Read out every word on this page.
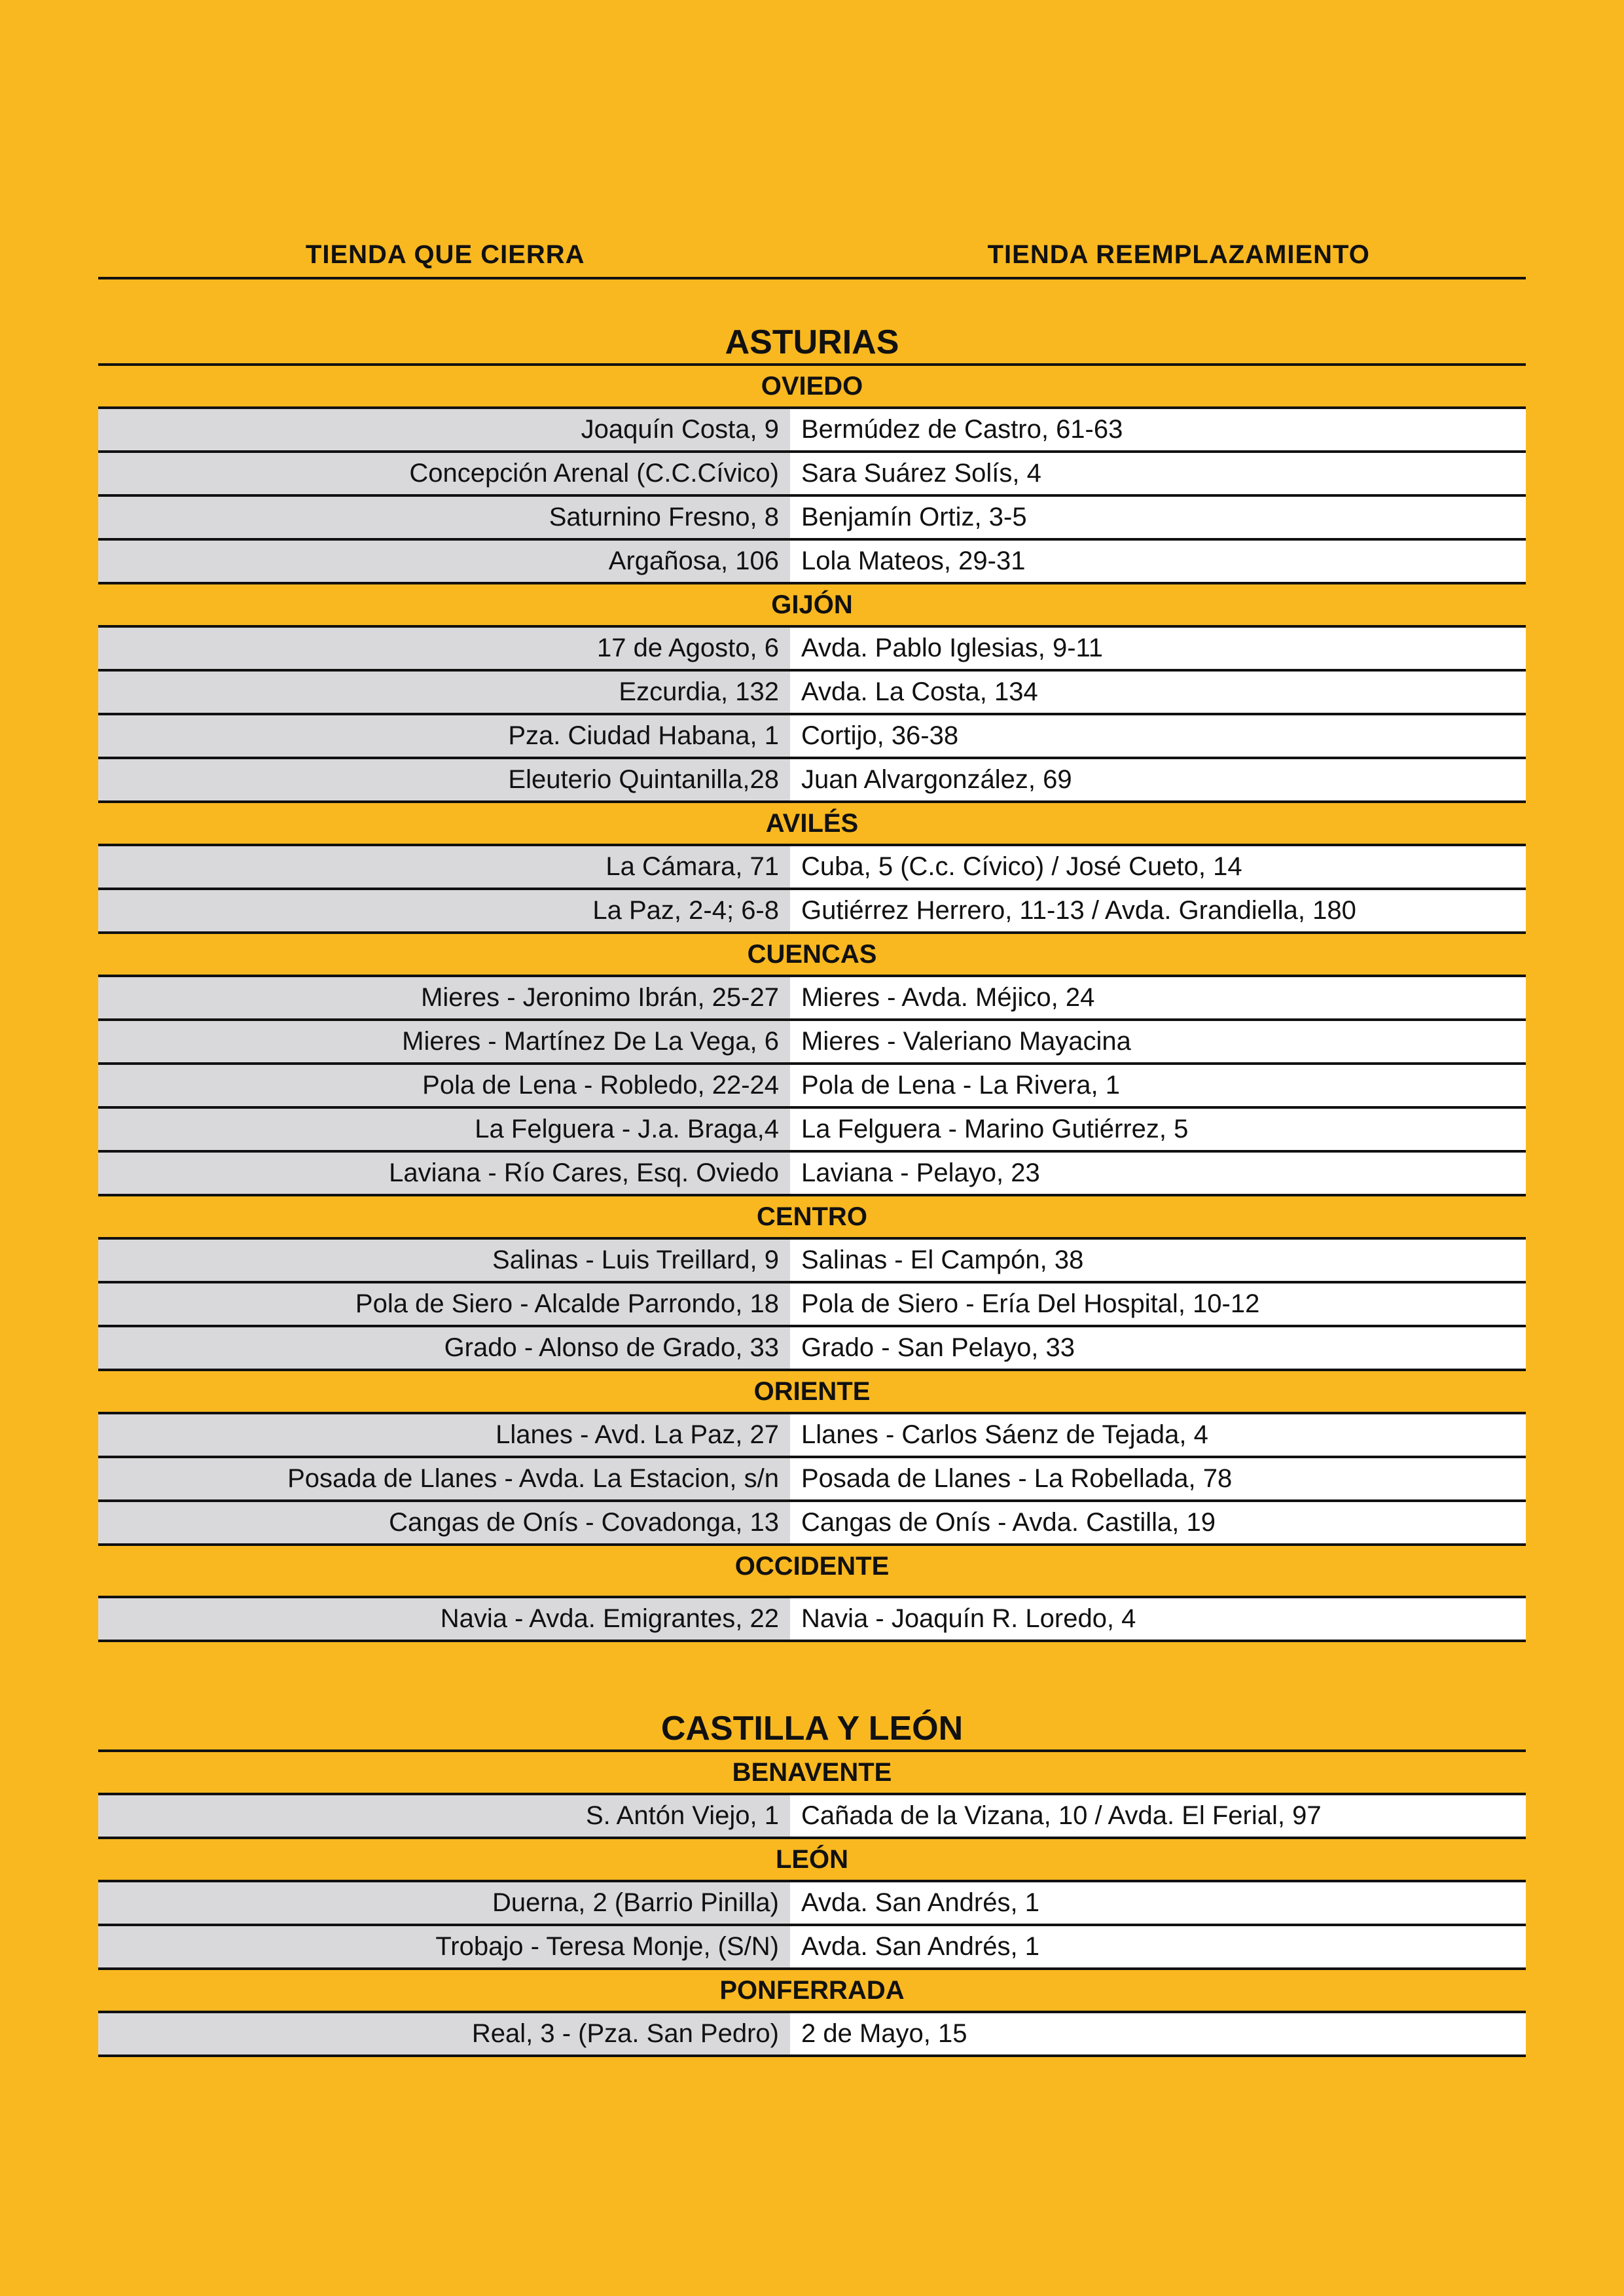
TIENDA QUE CIERRA	TIENDA REEMPLAZAMIENTO
ASTURIAS
OVIEDO
Joaquín Costa, 9 Bermúdez de Castro, 61-63
Concepción Arenal (C.C.Cívico) Sara Suárez Solís, 4
Saturnino Fresno, 8 Benjamín Ortiz, 3-5
Argañosa, 106 Lola Mateos, 29-31
GIJÓN
17 de Agosto, 6 Avda. Pablo Iglesias, 9-11
Ezcurdia, 132 Avda. La Costa, 134
Pza. Ciudad Habana, 1 Cortijo, 36-38
Eleuterio Quintanilla,28 Juan Alvargonzález, 69
AVILÉS
La Cámara, 71 Cuba, 5 (C.c. Cívico) / José Cueto, 14
La Paz, 2-4; 6-8 Gutiérrez Herrero, 11-13 / Avda. Grandiella, 180
CUENCAS
Mieres - Jeronimo Ibrán, 25-27 Mieres - Avda. Méjico, 24
Mieres - Martínez De La Vega, 6 Mieres - Valeriano Mayacina
Pola de Lena - Robledo, 22-24 Pola de Lena - La Rivera, 1
La Felguera - J.a. Braga,4 La Felguera - Marino Gutiérrez, 5
Laviana - Río Cares, Esq. Oviedo Laviana - Pelayo, 23
CENTRO
Salinas - Luis Treillard, 9 Salinas - El Campón, 38
Pola de Siero - Alcalde Parrondo, 18 Pola de Siero - Ería Del Hospital, 10-12
Grado - Alonso de Grado, 33 Grado - San Pelayo, 33
ORIENTE
Llanes - Avd. La Paz, 27 Llanes - Carlos Sáenz de Tejada, 4
Posada de Llanes - Avda. La Estacion, s/n Posada de Llanes - La Robellada, 78
Cangas de Onís - Covadonga, 13 Cangas de Onís - Avda. Castilla, 19
OCCIDENTE
Navia - Avda. Emigrantes, 22 Navia - Joaquín R. Loredo, 4
CASTILLA Y LEÓN
BENAVENTE
S. Antón Viejo, 1 Cañada de la Vizana, 10 / Avda. El Ferial, 97
LEÓN
Duerna, 2 (Barrio Pinilla) Avda. San Andrés, 1
Trobajo - Teresa Monje, (S/N) Avda. San Andrés, 1
PONFERRADA
Real, 3 - (Pza. San Pedro) 2 de Mayo, 15
